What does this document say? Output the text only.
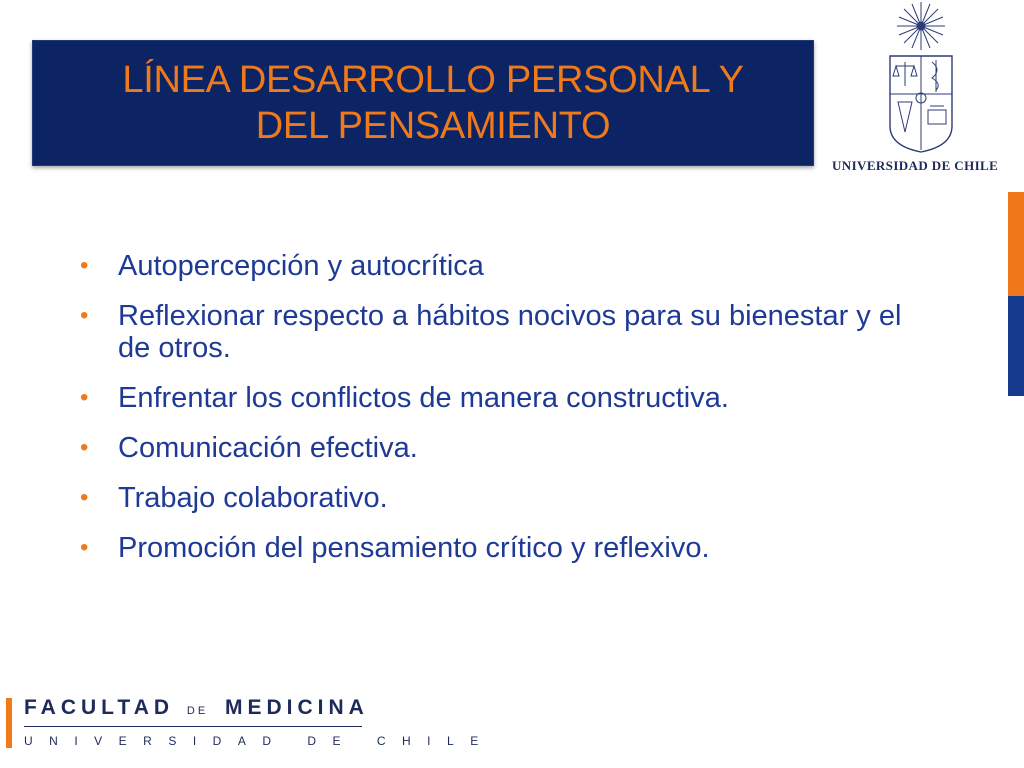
LÍNEA DESARROLLO PERSONAL Y
DEL PENSAMIENTO
UNIVERSIDAD DE CHILE
• Autopercepción y autocrítica
• Reflexionar respecto a hábitos nocivos para su bienestar y el de otros.
• Enfrentar los conflictos de manera constructiva.
• Comunicación efectiva.
• Trabajo colaborativo.
• Promoción del pensamiento crítico y reflexivo.
FACULTAD DE MEDICINA
UNIVERSIDAD DE CHILE
